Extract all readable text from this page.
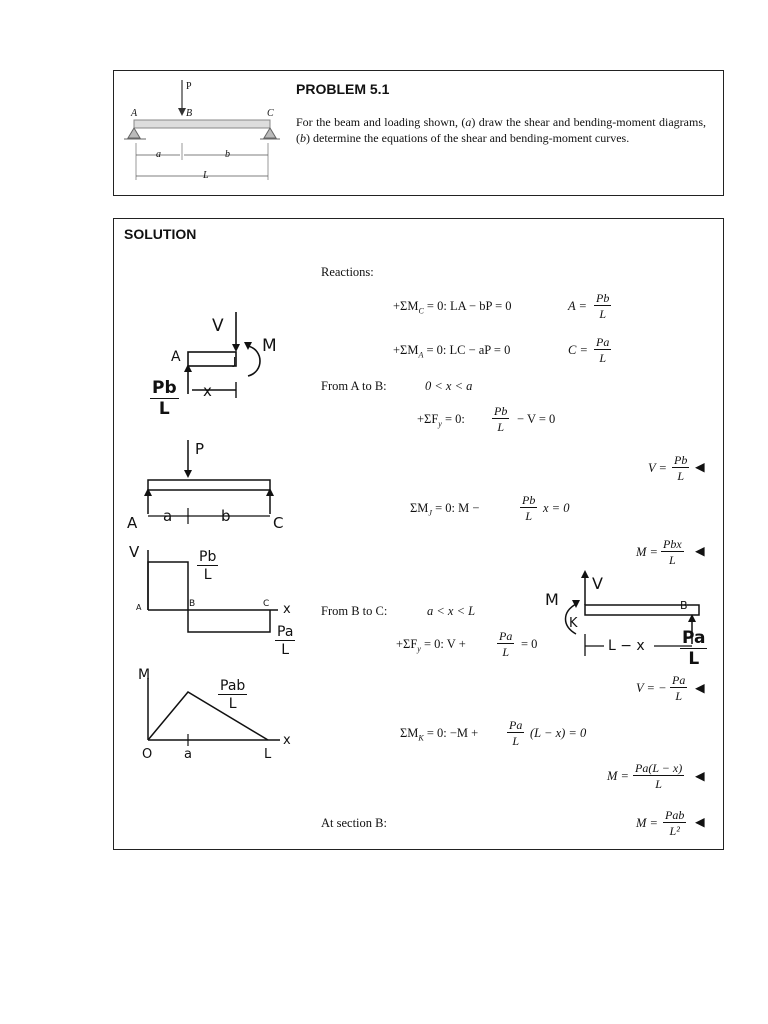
P
A	B	C
a	b
L
PROBLEM 5.1
For the beam and loading shown, (a) draw the shear and bending-moment diagrams, (b) determine the equations of the shear and bending-moment curves.
SOLUTION
Reactions:
$+\Sigma M_C = 0$: LA − bP = 0	$A = \frac{Pb}{L}$
$+\Sigma M_A = 0$: LC − aP = 0	$C = \frac{Pa}{L}$
From A to B:	0 < x < a
$+\Sigma F_y = 0$: $\frac{Pb}{L} - V = 0$
$V = \frac{Pb}{L}$ ◀
$\Sigma M_J = 0$: M −	$\frac{Pb}{L}$ x = 0
M =
Pbx
L
◀
From B to C:	a < x < L
$+\Sigma F_y = 0$: V +	$\frac{Pa}{L} = 0$
V = − $\frac{Pa}{L}$ ◀
$\Sigma M_K = 0$: $-M + \frac{Pa}{L} (L - x) = 0$
$M = \frac{Pa(L - x)}{L}$ ◀
At section B:	M =
Pab
L²
◀
V
M
A	J
x
$\frac{Pb}{L}$
P
A	C
a	b
V	$\frac{Pb}{L}$
A	B	C x
$\frac{Pa}{L}$
M
Pab
L
O a	L
x
V
M
K
B
L − x $\frac{Pa}{L}$
